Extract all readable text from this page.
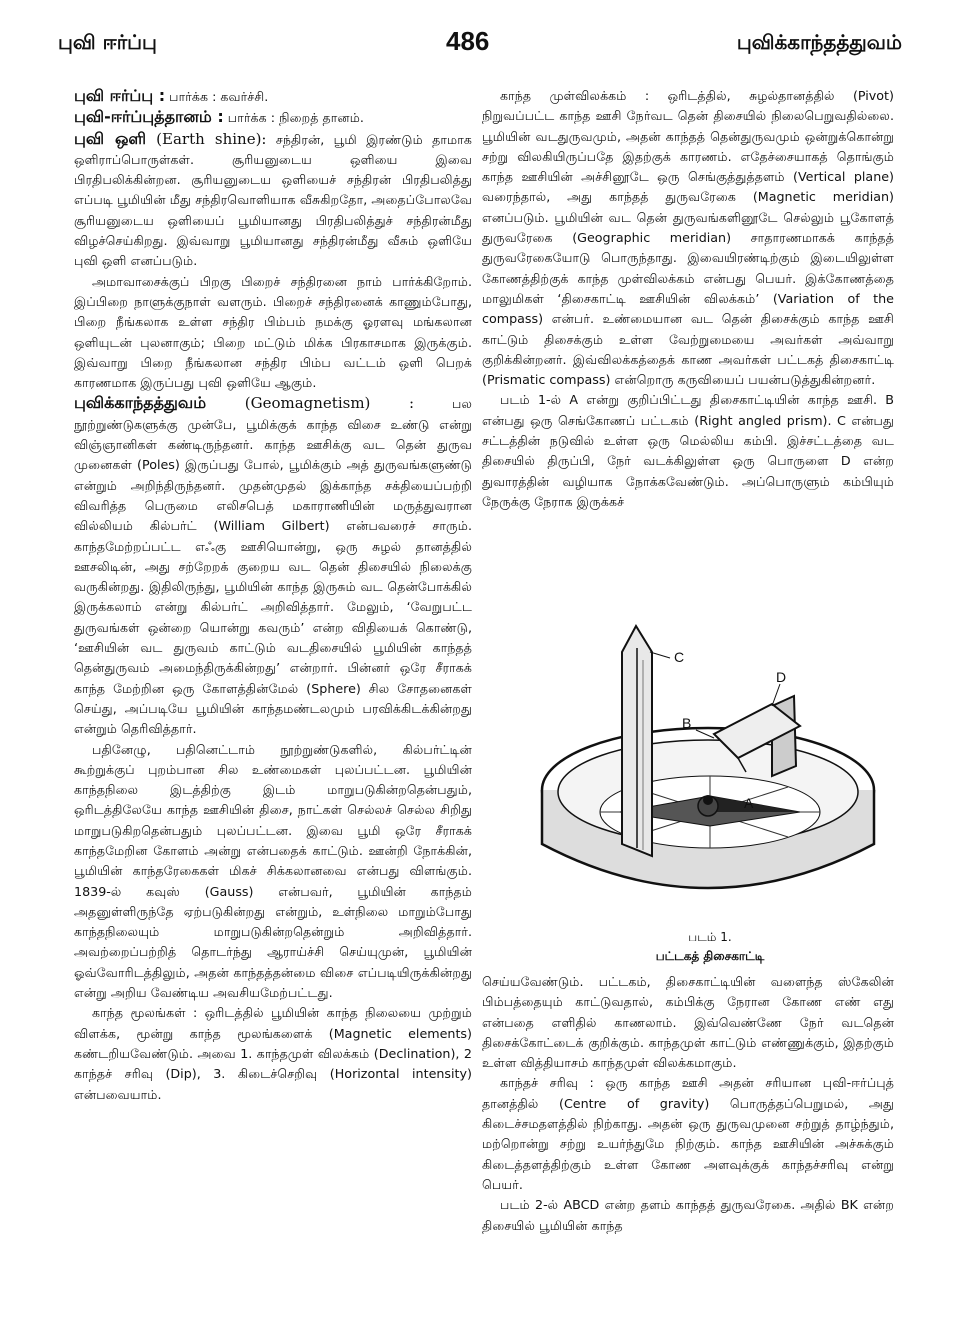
புவி ஈர்ப்பு	486	புவிக்காந்தத்துவம்

புவி ஈர்ப்பு : பார்க்க : கவர்ச்சி.

புவி-ஈர்ப்புத்தானம் : பார்க்க : நிறைத் தானம்.

புவி ஒளி (Earth shine): சந்திரன், பூமி இரண்டும் தாமாக ஒளிராப்பொருள்கள். சூரியனுடைய ஒளியை இவை பிரதிபலிக்கின்றன. சூரியனுடைய ஒளியைச் சந்திரன் பிரதிபலித்து எப்படி பூமியின் மீது சந்திரவொளியாக வீசுகிறதோ, அதைப்போலவே சூரியனுடைய ஒளியைப் பூமியானது பிரதிபலித்துச் சந்திரன்மீது விழச்செய்கிறது. இவ்வாறு பூமியானது சந்திரன்மீது வீசும் ஒளியே புவி ஒளி எனப்படும்.

அமாவாசைக்குப் பிறகு பிறைச் சந்திரனை நாம் பார்க்கிறோம். இப்பிறை நாளுக்குநாள் வளரும். பிறைச் சந்திரனைக் காணும்போது, பிறை நீங்கலாக உள்ள சந்திர பிம்பம் நமக்கு ஓரளவு மங்கலான ஒளியுடன் புலனாகும்; பிறை மட்டும் மிக்க பிரகாசமாக இருக்கும். இவ்வாறு பிறை நீங்கலான சந்திர பிம்ப வட்டம் ஒளி பெறக் காரணமாக இருப்பது புவி ஒளியே ஆகும்.

புவிக்காந்தத்துவம் (Geomagnetism) : பல நூற்றுண்டுகளுக்கு முன்பே, பூமிக்குக் காந்த விசை உண்டு என்று விஞ்ஞானிகள் கண்டிருந்தனர். காந்த ஊசிக்கு வட தென் துருவ முனைகள் (Poles) இருப்பது போல், பூமிக்கும் அத் துருவங்களுண்டு என்றும் அறிந்திருந்தனர். முதன்முதல் இக்காந்த சக்தியைப்பற்றி விவரித்த பெருமை எலிசபெத் மகாராணியின் மருத்துவரான வில்லியம் கில்பர்ட் (William Gilbert) என்பவரைச் சாரும். காந்தமேற்றப்பட்ட எஃகு ஊசியொன்று, ஒரு சுழல் தானத்தில் ஊசலிடின், அது சற்றேறக் குறைய வட தென் திசையில் நிலைக்கு வருகின்றது. இதிலிருந்து, பூமியின் காந்த இருசும் வட தென்போக்கில் இருக்கலாம் என்று கில்பர்ட் அறிவித்தார். மேலும், ‘வேறுபட்ட துருவங்கள் ஒன்றை யொன்று கவரும்’ என்ற விதியைக் கொண்டு, ‘ஊசியின் வட துருவம் காட்டும் வடதிசையில் பூமியின் காந்தத் தென்துருவம் அமைந்திருக்கின்றது’ என்றார். பின்னர் ஒரே சீராகக் காந்த மேற்றின ஒரு கோளத்தின்மேல் (Sphere) சில சோதனைகள் செய்து, அப்படியே பூமியின் காந்தமண்டலமும் பரவிக்கிடக்கின்றது என்றும் தெரிவித்தார்.

பதினேழு, பதினெட்டாம் நூற்றுண்டுகளில், கில்பர்ட்டின் கூற்றுக்குப் புறம்பான சில உண்மைகள் புலப்பட்டன. பூமியின் காந்தநிலை இடத்திற்கு இடம் மாறுபடுகின்றதென்பதும், ஒரிடத்திலேயே காந்த ஊசியின் திசை, நாட்கள் செல்லச் செல்ல சிறிது மாறுபடுகிறதென்பதும் புலப்பட்டன. இவை பூமி ஒரே சீராகக் காந்தமேறின கோளம் அன்று என்பதைக் காட்டும். ஊன்றி நோக்கின், பூமியின் காந்தரேகைகள் மிகச் சிக்கலானவை என்பது விளங்கும். 1839-ல் கவுஸ் (Gauss) என்பவர், பூமியின் காந்தம் அதனுள்ளிருந்தே ஏற்படுகின்றது என்றும், உள்நிலை மாறும்போது காந்தநிலையும் மாறுபடுகின்றதென்றும் அறிவித்தார். அவற்றைப்பற்றித் தொடர்ந்து ஆராய்ச்சி செய்யுமுன், பூமியின் ஓவ்வோரிடத்திலும், அதன் காந்தத்தன்மை விசை எப்படியிருக்கின்றது என்று அறிய வேண்டிய அவசியமேற்பட்டது.

காந்த மூலங்கள் : ஒரிடத்தில் பூமியின் காந்த நிலையை முற்றும் விளக்க, மூன்று காந்த மூலங்களைக் (Magnetic elements) கண்டறியவேண்டும். அவை 1. காந்தமுள் விலக்கம் (Declination), 2 காந்தச் சரிவு (Dip), 3. கிடைச்செறிவு (Horizontal intensity) என்பவையாம்.

காந்த முள்விலக்கம் : ஒரிடத்தில், சுழல்தானத்தில் (Pivot) நிறுவப்பட்ட காந்த ஊசி நேர்வட தென் திசையில் நிலைபெறுவதில்லை. பூமியின் வடதுருவமும், அதன் காந்தத் தென்துருவமும் ஒன்றுக்கொன்று சற்று விலகியிருப்பதே இதற்குக் காரணம். எதேச்சையாகத் தொங்கும் காந்த ஊசியின் அச்சினூடே ஒரு செங்குத்துத்தளம் (Vertical plane) வரைந்தால், அது காந்தத் துருவரேகை (Magnetic meridian) எனப்படும். பூமியின் வட தென் துருவங்களினூடே செல்லும் பூகோளத் துருவரேகை (Geographic meridian) சாதாரணமாகக் காந்தத் துருவரேகையோடு பொருந்தாது. இவையிரண்டிற்கும் இடையிலுள்ள கோணத்திற்குக் காந்த முள்விலக்கம் என்பது பெயர். இக்கோணத்தை மாலுமிகள் ‘திசைகாட்டி ஊசியின் விலக்கம்’ (Variation of the compass) என்பர். உண்மையான வட தென் திசைக்கும் காந்த ஊசி காட்டும் திசைக்கும் உள்ள வேற்றுமையை அவர்கள் அவ்வாறு குறிக்கின்றனர். இவ்விலக்கத்தைக் காண அவர்கள் பட்டகத் திசைகாட்டி (Prismatic compass) என்றொரு கருவியைப் பயன்படுத்துகின்றனர்.

படம் 1-ல் A என்று குறிப்பிட்டது திசைகாட்டியின் காந்த ஊசி. B என்பது ஒரு செங்கோணப் பட்டகம் (Right angled prism). C என்பது சட்டத்தின் நடுவில் உள்ள ஒரு மெல்லிய கம்பி. இச்சட்டத்தை வட திசையில் திருப்பி, நேர் வடக்கிலுள்ள ஒரு பொருளை D என்ற துவாரத்தின் வழியாக நோக்கவேண்டும். அப்பொருளும் கம்பியும் நேருக்கு நேராக இருக்கச்

C
D
B
A
படம் 1.
பட்டகத் திசைகாட்டி

செய்யவேண்டும். பட்டகம், திசைகாட்டியின் வளைந்த ஸ்கேலின் பிம்பத்தையும் காட்டுவதால், கம்பிக்கு நேரான கோண எண் எது என்பதை எளிதில் காணலாம். இவ்வெண்ணே நேர் வடதென் திசைக்கோட்டைக் குறிக்கும். காந்தமுள் காட்டும் எண்ணுக்கும், இதற்கும் உள்ள வித்தியாசம் காந்தமுள் விலக்கமாகும்.

காந்தச் சரிவு : ஒரு காந்த ஊசி அதன் சரியான புவி-ஈர்ப்புத் தானத்தில் (Centre of gravity) பொருத்தப்பெறுமல், அது கிடைச்சமதளத்தில் நிற்காது. அதன் ஒரு துருவமுனை சற்றுத் தாழ்ந்தும், மற்றொன்று சற்று உயர்ந்துமே நிற்கும். காந்த ஊசியின் அச்சுக்கும் கிடைத்தளத்திற்கும் உள்ள கோண அளவுக்குக் காந்தச்சரிவு என்று பெயர்.

படம் 2-ல் ABCD என்ற தளம் காந்தத் துருவரேகை. அதில் BK என்ற திசையில் பூமியின் காந்த
